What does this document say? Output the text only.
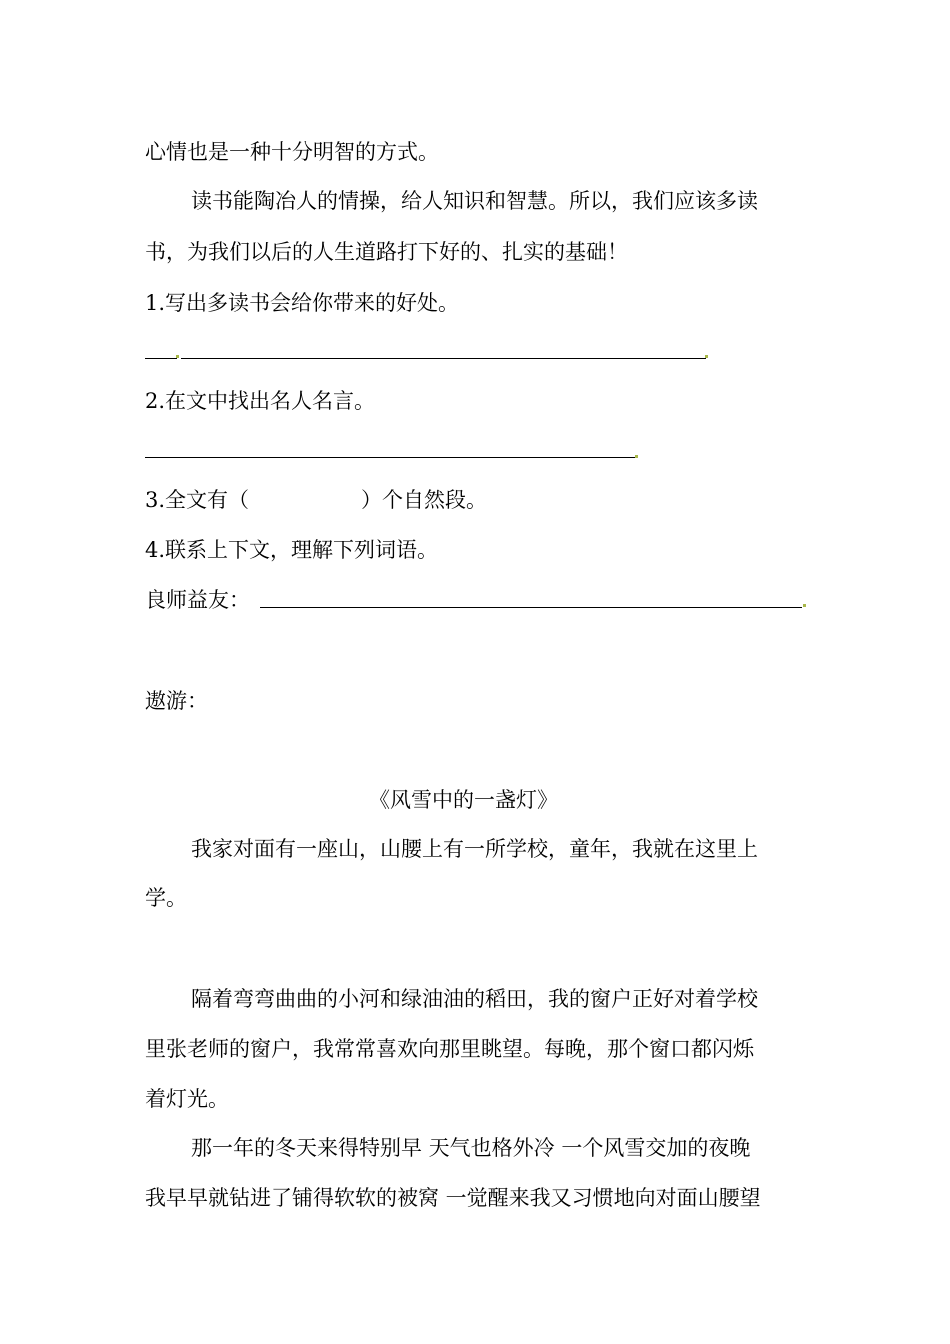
心情也是一种十分明智的方式。

读书能陶冶人的情操，给人知识和智慧。所以，我们应该多读

书，为我们以后的人生道路打下好的、扎实的基础！

1.写出多读书会给你带来的好处。

2.在文中找出名人名言。

3.全文有（	）个自然段。

4.联系上下文，理解下列词语。

良师益友：

遨游：

《风雪中的一盏灯》

我家对面有一座山，山腰上有一所学校，童年，我就在这里上

学。

隔着弯弯曲曲的小河和绿油油的稻田，我的窗户正好对着学校

里张老师的窗户，我常常喜欢向那里眺望。每晚，那个窗口都闪烁

着灯光。

那一年的冬天来得特别早 天气也格外冷 一个风雪交加的夜晚

我早早就钻进了铺得软软的被窝 一觉醒来我又习惯地向对面山腰望
